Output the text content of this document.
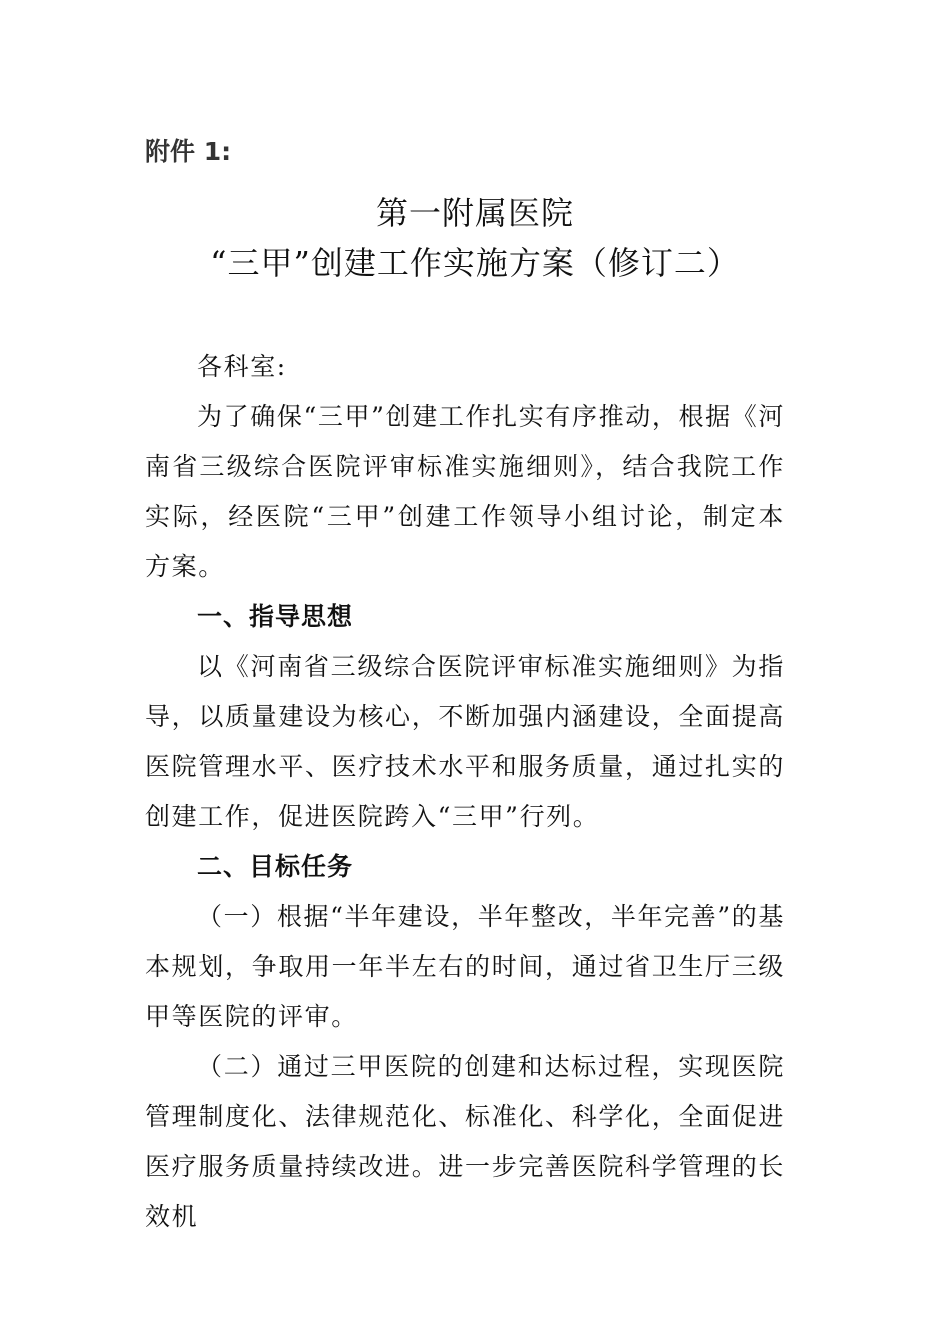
附件 1:
第一附属医院
“三甲”创建工作实施方案（修订二）

各科室:

为了确保“三甲”创建工作扎实有序推动，根据《河南省三级综合医院评审标准实施细则》，结合我院工作实际，经医院“三甲”创建工作领导小组讨论，制定本方案。

一、指导思想

以《河南省三级综合医院评审标准实施细则》为指导，以质量建设为核心，不断加强内涵建设，全面提高医院管理水平、医疗技术水平和服务质量，通过扎实的创建工作，促进医院跨入“三甲”行列。

二、目标任务

（一）根据“半年建设，半年整改，半年完善”的基本规划，争取用一年半左右的时间，通过省卫生厅三级甲等医院的评审。

（二）通过三甲医院的创建和达标过程，实现医院管理制度化、法律规范化、标准化、科学化，全面促进医疗服务质量持续改进。进一步完善医院科学管理的长效机
